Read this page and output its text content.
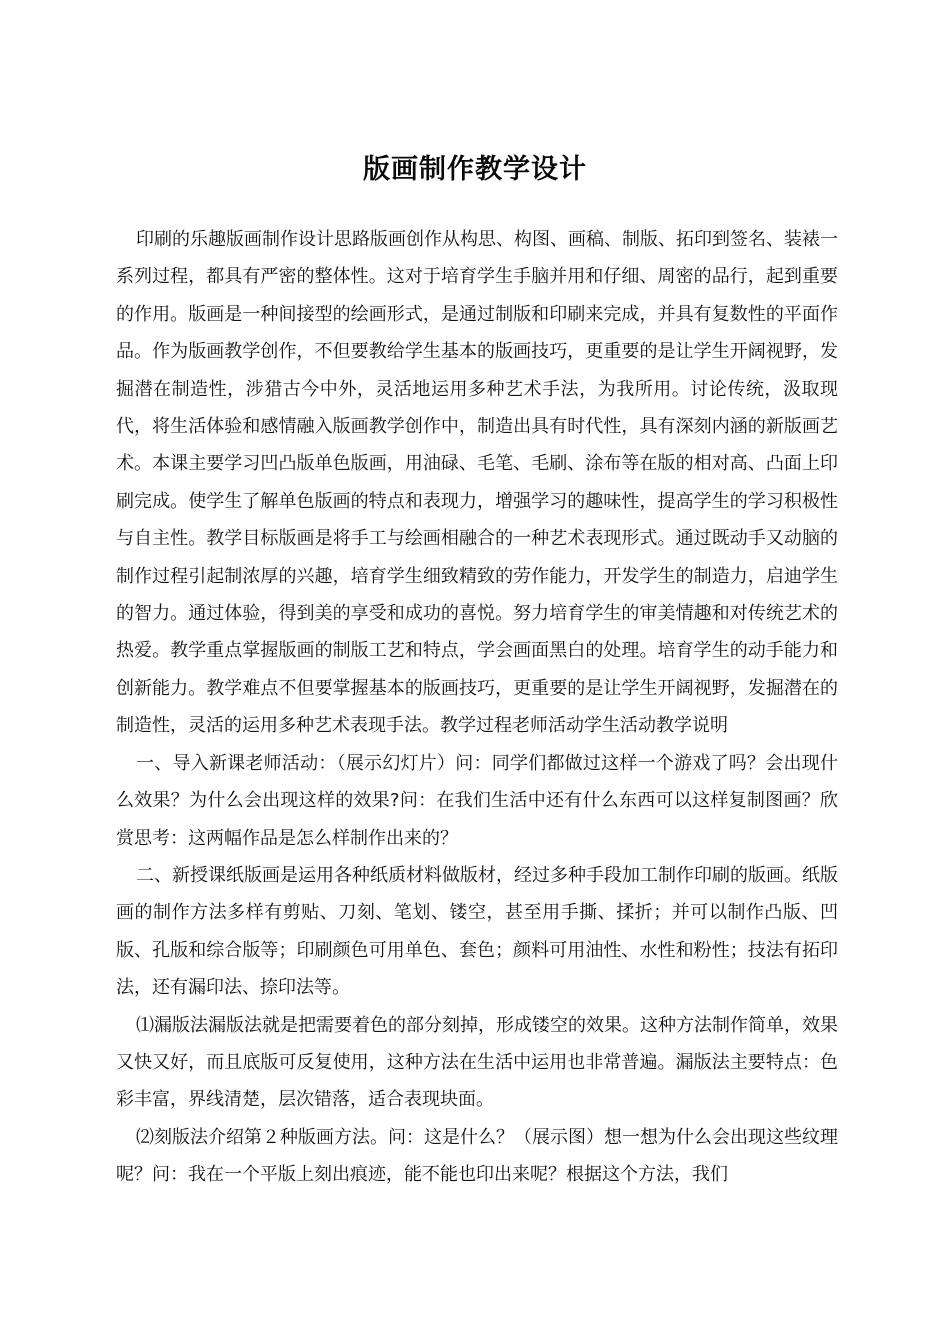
版画制作教学设计

印刷的乐趣版画制作设计思路版画创作从构思、构图、画稿、制版、拓印到签名、装裱一系列过程，都具有严密的整体性。这对于培育学生手脑并用和仔细、周密的品行，起到重要的作用。版画是一种间接型的绘画形式，是通过制版和印刷来完成，并具有复数性的平面作品。作为版画教学创作，不但要教给学生基本的版画技巧，更重要的是让学生开阔视野，发掘潜在制造性，涉猎古今中外，灵活地运用多种艺术手法，为我所用。讨论传统，汲取现代，将生活体验和感情融入版画教学创作中，制造出具有时代性，具有深刻内涵的新版画艺术。本课主要学习凹凸版单色版画，用油碌、毛笔、毛刷、涂布等在版的相对高、凸面上印刷完成。使学生了解单色版画的特点和表现力，增强学习的趣味性，提高学生的学习积极性与自主性。教学目标版画是将手工与绘画相融合的一种艺术表现形式。通过既动手又动脑的制作过程引起制浓厚的兴趣，培育学生细致精致的劳作能力，开发学生的制造力，启迪学生的智力。通过体验，得到美的享受和成功的喜悦。努力培育学生的审美情趣和对传统艺术的热爱。教学重点掌握版画的制版工艺和特点，学会画面黑白的处理。培育学生的动手能力和创新能力。教学难点不但要掌握基本的版画技巧，更重要的是让学生开阔视野，发掘潜在的制造性，灵活的运用多种艺术表现手法。教学过程老师活动学生活动教学说明

一、导入新课老师活动：（展示幻灯片）问：同学们都做过这样一个游戏了吗？会出现什么效果？为什么会出现这样的效果?问：在我们生活中还有什么东西可以这样复制图画？欣赏思考：这两幅作品是怎么样制作出来的？

二、新授课纸版画是运用各种纸质材料做版材，经过多种手段加工制作印刷的版画。纸版画的制作方法多样有剪贴、刀刻、笔划、镂空，甚至用手撕、揉折；并可以制作凸版、凹版、孔版和综合版等；印刷颜色可用单色、套色；颜料可用油性、水性和粉性；技法有拓印法，还有漏印法、捺印法等。

⑴漏版法漏版法就是把需要着色的部分刻掉，形成镂空的效果。这种方法制作简单，效果又快又好，而且底版可反复使用，这种方法在生活中运用也非常普遍。漏版法主要特点：色彩丰富，界线清楚，层次错落，适合表现块面。

⑵刻版法介绍第２种版画方法。问：这是什么？（展示图）想一想为什么会出现这些纹理呢？问：我在一个平版上刻出痕迹，能不能也印出来呢？根据这个方法，我们
